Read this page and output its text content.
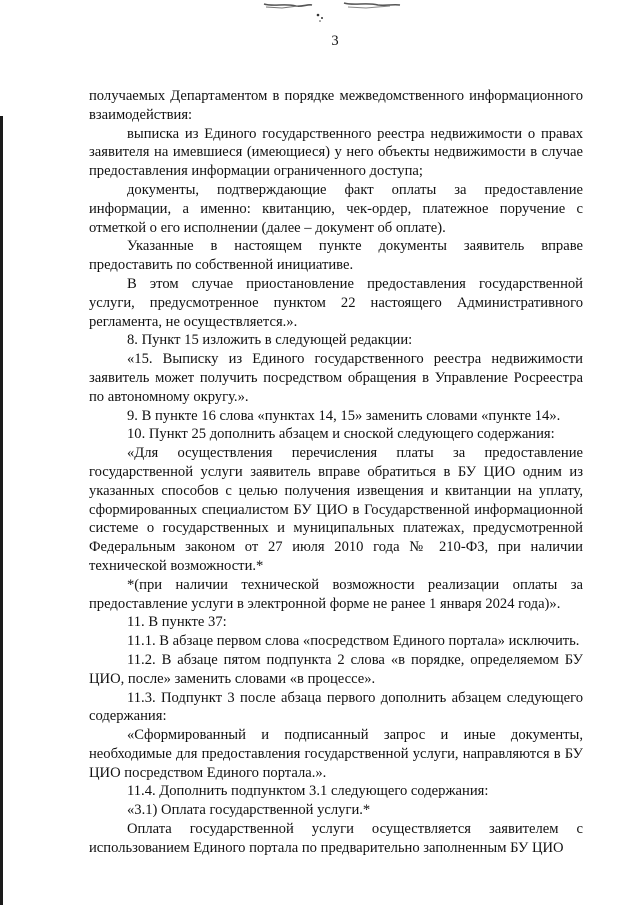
3

получаемых Департаментом в порядке межведомственного информационного взаимодействия:

выписка из Единого государственного реестра недвижимости о правах заявителя на имевшиеся (имеющиеся) у него объекты недвижимости в случае предоставления информации ограниченного доступа;

документы, подтверждающие факт оплаты за предоставление информации, а именно: квитанцию, чек-ордер, платежное поручение с отметкой о его исполнении (далее – документ об оплате).

Указанные в настоящем пункте документы заявитель вправе предоставить по собственной инициативе.

В этом случае приостановление предоставления государственной услуги, предусмотренное пунктом 22 настоящего Административного регламента, не осуществляется.».

8. Пункт 15 изложить в следующей редакции:

«15. Выписку из Единого государственного реестра недвижимости заявитель может получить посредством обращения в Управление Росреестра по автономному округу.».

9. В пункте 16 слова «пунктах 14, 15» заменить словами «пункте 14».

10. Пункт 25 дополнить абзацем и сноской следующего содержания:

«Для осуществления перечисления платы за предоставление государственной услуги заявитель вправе обратиться в БУ ЦИО одним из указанных способов с целью получения извещения и квитанции на уплату, сформированных специалистом БУ ЦИО в Государственной информационной системе о государственных и муниципальных платежах, предусмотренной Федеральным законом от 27 июля 2010 года № 210-ФЗ, при наличии технической возможности.*

*(при наличии технической возможности реализации оплаты за предоставление услуги в электронной форме не ранее 1 января 2024 года)».

11. В пункте 37:

11.1. В абзаце первом слова «посредством Единого портала» исключить.

11.2. В абзаце пятом подпункта 2 слова «в порядке, определяемом БУ ЦИО, после» заменить словами «в процессе».

11.3. Подпункт 3 после абзаца первого дополнить абзацем следующего содержания:

«Сформированный и подписанный запрос и иные документы, необходимые для предоставления государственной услуги, направляются в БУ ЦИО посредством Единого портала.».

11.4. Дополнить подпунктом 3.1 следующего содержания:

«3.1) Оплата государственной услуги.*

Оплата государственной услуги осуществляется заявителем с использованием Единого портала по предварительно заполненным БУ ЦИО
